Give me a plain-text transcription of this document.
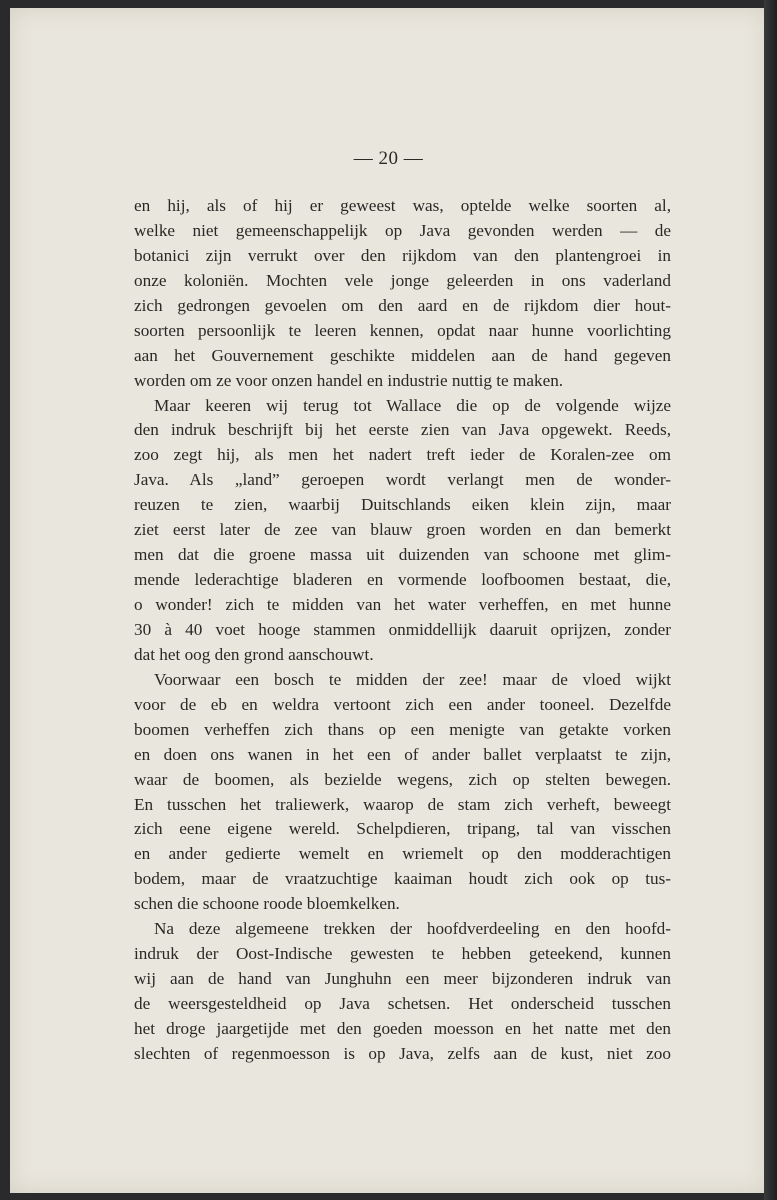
— 20 —
en hij, als of hij er geweest was, optelde welke soorten al,
welke niet gemeenschappelijk op Java gevonden werden — de
botanici zijn verrukt over den rijkdom van den plantengroei in
onze koloniën. Mochten vele jonge geleerden in ons vaderland
zich gedrongen gevoelen om den aard en de rijkdom dier hout-
soorten persoonlijk te leeren kennen, opdat naar hunne voorlichting
aan het Gouvernement geschikte middelen aan de hand gegeven
worden om ze voor onzen handel en industrie nuttig te maken.
Maar keeren wij terug tot Wallace die op de volgende wijze
den indruk beschrijft bij het eerste zien van Java opgewekt. Reeds,
zoo zegt hij, als men het nadert treft ieder de Koralen-zee om
Java. Als „land” geroepen wordt verlangt men de wonder-
reuzen te zien, waarbij Duitschlands eiken klein zijn, maar
ziet eerst later de zee van blauw groen worden en dan bemerkt
men dat die groene massa uit duizenden van schoone met glim-
mende lederachtige bladeren en vormende loofboomen bestaat, die,
o wonder! zich te midden van het water verheffen, en met hunne
30 à 40 voet hooge stammen onmiddellijk daaruit oprijzen, zonder
dat het oog den grond aanschouwt.
Voorwaar een bosch te midden der zee! maar de vloed wijkt
voor de eb en weldra vertoont zich een ander tooneel. Dezelfde
boomen verheffen zich thans op een menigte van getakte vorken
en doen ons wanen in het een of ander ballet verplaatst te zijn,
waar de boomen, als bezielde wegens, zich op stelten bewegen.
En tusschen het traliewerk, waarop de stam zich verheft, beweegt
zich eene eigene wereld. Schelpdieren, tripang, tal van visschen
en ander gedierte wemelt en wriemelt op den modderachtigen
bodem, maar de vraatzuchtige kaaiman houdt zich ook op tus-
schen die schoone roode bloemkelken.
Na deze algemeene trekken der hoofdverdeeling en den hoofd-
indruk der Oost-Indische gewesten te hebben geteekend, kunnen
wij aan de hand van Junghuhn een meer bijzonderen indruk van
de weersgesteldheid op Java schetsen. Het onderscheid tusschen
het droge jaargetijde met den goeden moesson en het natte met den
slechten of regenmoesson is op Java, zelfs aan de kust, niet zoo
